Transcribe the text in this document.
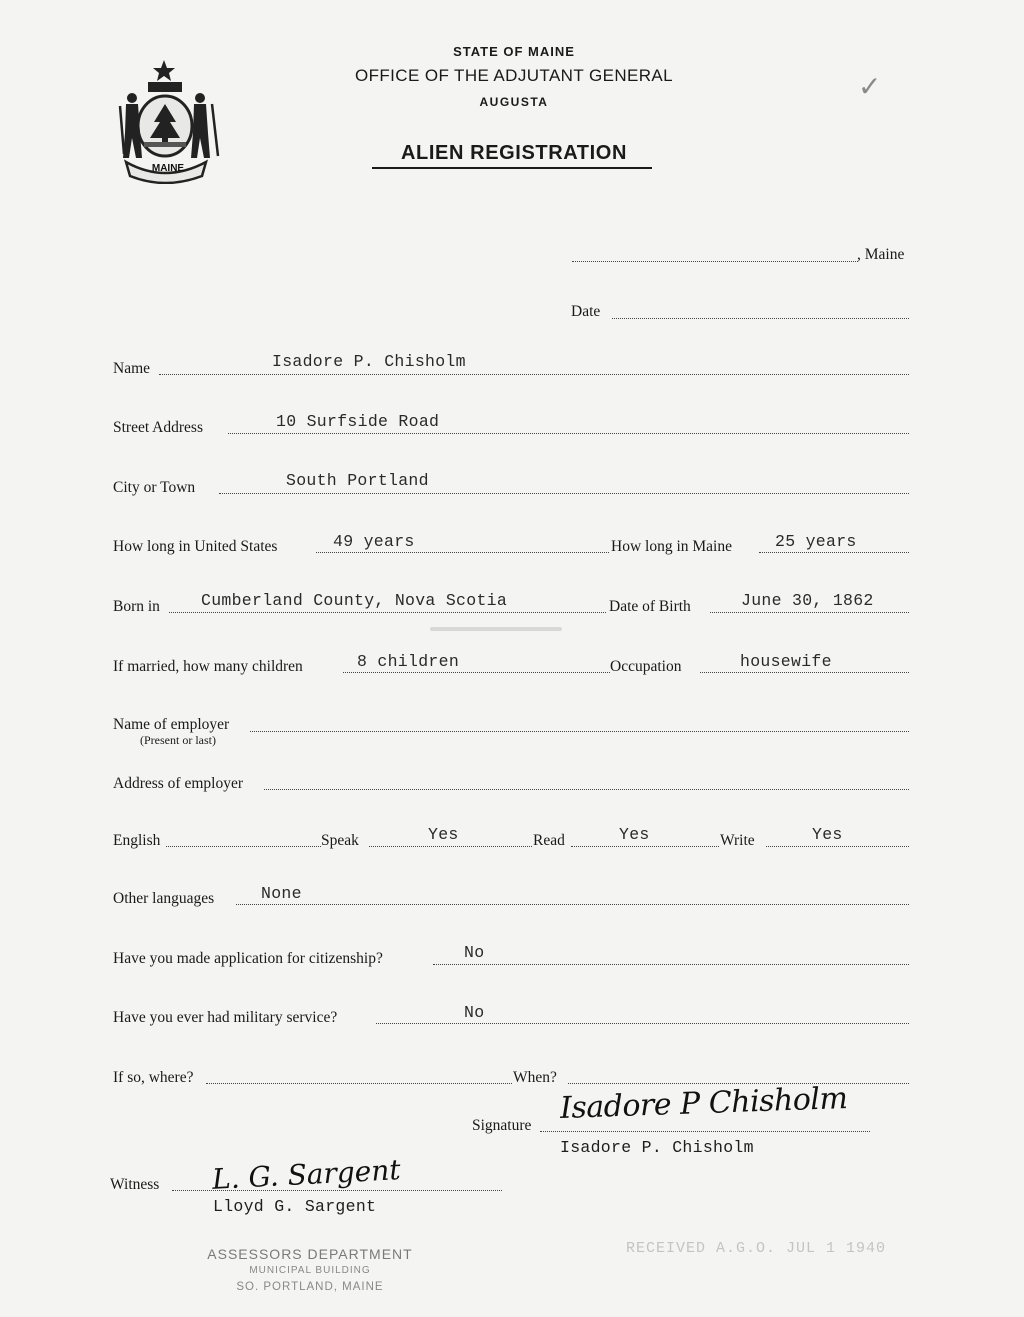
MAINE
STATE OF MAINE
OFFICE OF THE ADJUTANT GENERAL
AUGUSTA
ALIEN REGISTRATION
✓
, Maine
Date
Name	Isadore P. Chisholm
Street Address	10 Surfside Road
City or Town	South Portland
How long in United States	49 years	How long in Maine	25 years
Born in Cumberland County, Nova Scotia	Date of Birth	June 30, 1862
If married, how many children	8 children	Occupation	housewife
Name of employer
(Present or last)
Address of employer
English	Speak	Yes	Read	Yes	Write	Yes
Other languages	None
Have you made application for citizenship?	No
Have you ever had military service?	No
If so, where?	When?
Signature Isadore P Chisholm
Isadore P. Chisholm
Witness L. G. Sargent
Lloyd G. Sargent
ASSESSORS DEPARTMENT
MUNICIPAL BUILDING
SO. PORTLAND, MAINE
RECEIVED A.G.O. JUL 1 1940
